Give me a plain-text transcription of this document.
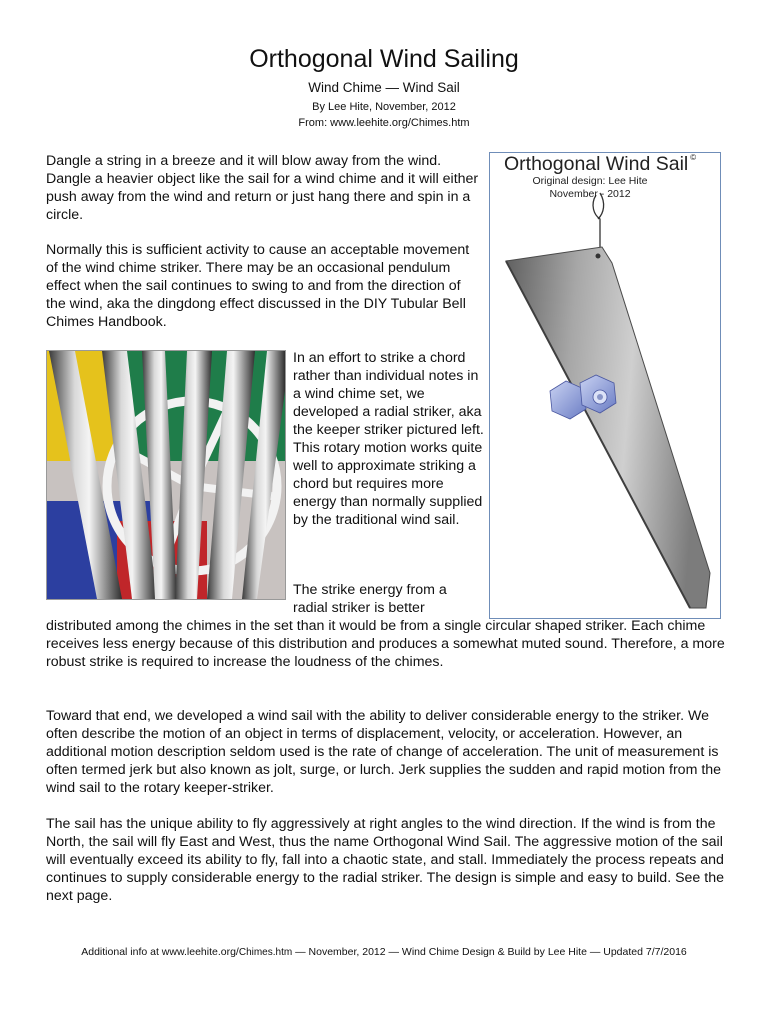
Orthogonal Wind Sailing
Wind Chime — Wind Sail
By Lee Hite, November, 2012
From: www.leehite.org/Chimes.htm

Dangle a string in a breeze and it will blow away from the wind. Dangle a heavier object like the sail for a wind chime and it will either push away from the wind and return or just hang there and spin in a circle.

Normally this is sufficient activity to cause an acceptable movement of the wind chime striker. There may be an occasional pendulum effect when the sail continues to swing to and from the direction of the wind, aka the dingdong effect discussed in the DIY Tubular Bell Chimes Handbook.

In an effort to strike a chord rather than individual notes in a wind chime set, we developed a radial striker, aka the keeper striker pictured left. This rotary motion works quite well to approximate striking a chord but requires more energy than normally supplied by the traditional wind sail.

The strike energy from a radial striker is better

Orthogonal Wind Sail ©
Original design: Lee Hite
November - 2012

distributed among the chimes in the set than it would be from a single circular shaped striker. Each chime receives less energy because of this distribution and produces a somewhat muted sound. Therefore, a more robust strike is required to increase the loudness of the chimes.

Toward that end, we developed a wind sail with the ability to deliver considerable energy to the striker. We often describe the motion of an object in terms of displacement, velocity, or acceleration. However, an additional motion description seldom used is the rate of change of acceleration. The unit of measurement is often termed jerk but also known as jolt, surge, or lurch. Jerk supplies the sudden and rapid motion from the wind sail to the rotary keeper-striker.

The sail has the unique ability to fly aggressively at right angles to the wind direction. If the wind is from the North, the sail will fly East and West, thus the name Orthogonal Wind Sail. The aggressive motion of the sail will eventually exceed its ability to fly, fall into a chaotic state, and stall. Immediately the process repeats and continues to supply considerable energy to the radial striker. The design is simple and easy to build. See the next page.

Additional info at www.leehite.org/Chimes.htm — November, 2012 — Wind Chime Design & Build by Lee Hite — Updated 7/7/2016
